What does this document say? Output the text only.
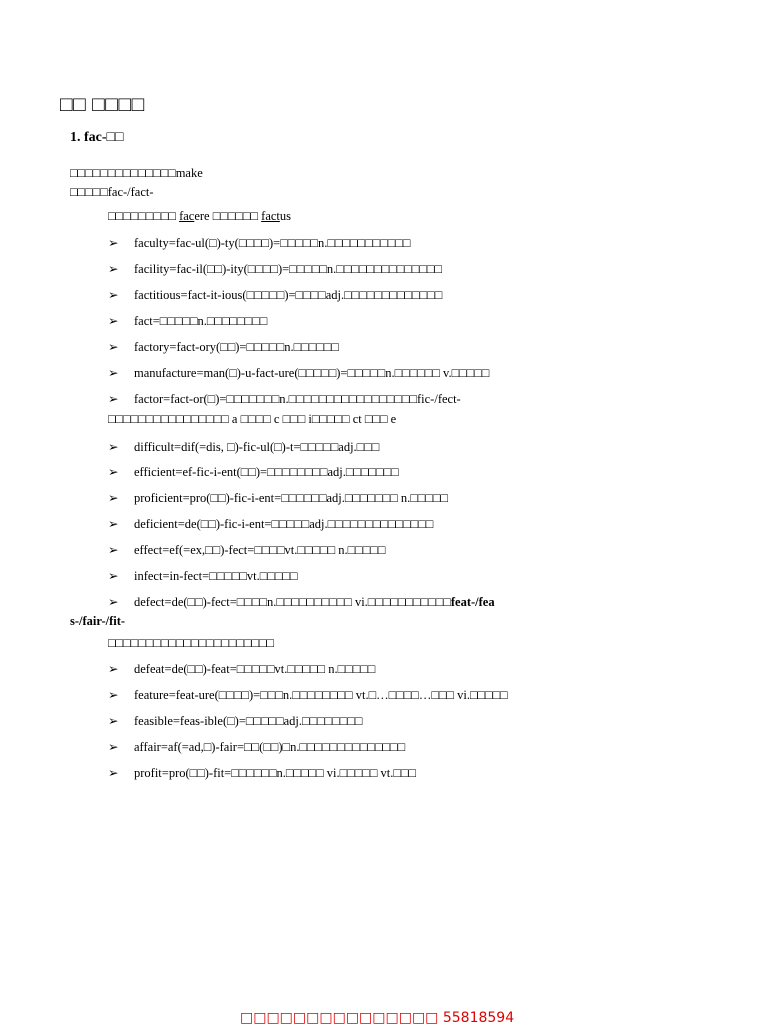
□□ □□□□
1. fac-□□
□□□□□□□□□□□□□□make
□□□□□fac-/fact-
□□□□□□□□□ facere □□□□□□ factus
➢ faculty=fac-ul(□)-ty(□□□□)=□□□□□n.□□□□□□□□□□□
➢ facility=fac-il(□□)-ity(□□□□)=□□□□□n.□□□□□□□□□□□□□□
➢ factitious=fact-it-ious(□□□□□)=□□□□adj.□□□□□□□□□□□□□
➢ fact=□□□□□n.□□□□□□□□
➢ factory=fact-ory(□□)=□□□□□n.□□□□□□
➢ manufacture=man(□)-u-fact-ure(□□□□□)=□□□□□n.□□□□□□ v.□□□□□
➢ factor=fact-or(□)=□□□□□□□n.□□□□□□□□□□□□□□□□□fic-/fect-
□□□□□□□□□□□□□□□□ a □□□□ c □□□ i□□□□□ ct □□□ e
➢ difficult=dif(=dis, □)-fic-ul(□)-t=□□□□□adj.□□□
➢ efficient=ef-fic-i-ent(□□)=□□□□□□□□adj.□□□□□□□
➢ proficient=pro(□□)-fic-i-ent=□□□□□□adj.□□□□□□□ n.□□□□□
➢ deficient=de(□□)-fic-i-ent=□□□□□adj.□□□□□□□□□□□□□□
➢ effect=ef(=ex,□□)-fect=□□□□vt.□□□□□ n.□□□□□
➢ infect=in-fect=□□□□□vt.□□□□□
➢ defect=de(□□)-fect=□□□□n.□□□□□□□□□□ vi.□□□□□□□□□□□feat-/fea
s-/fair-/fit-
□□□□□□□□□□□□□□□□□□□□□□
➢ defeat=de(□□)-feat=□□□□□vt.□□□□□ n.□□□□□
➢ feature=feat-ure(□□□□)=□□□n.□□□□□□□□ vt.□…□□□□…□□□ vi.□□□□□
➢ feasible=feas-ible(□)=□□□□□adj.□□□□□□□□
➢ affair=af(=ad,□)-fair=□□(□□)□n.□□□□□□□□□□□□□□
➢ profit=pro(□□)-fit=□□□□□□n.□□□□□ vi.□□□□□ vt.□□□
□□□□□□□□□□□□□□□ 55818594
